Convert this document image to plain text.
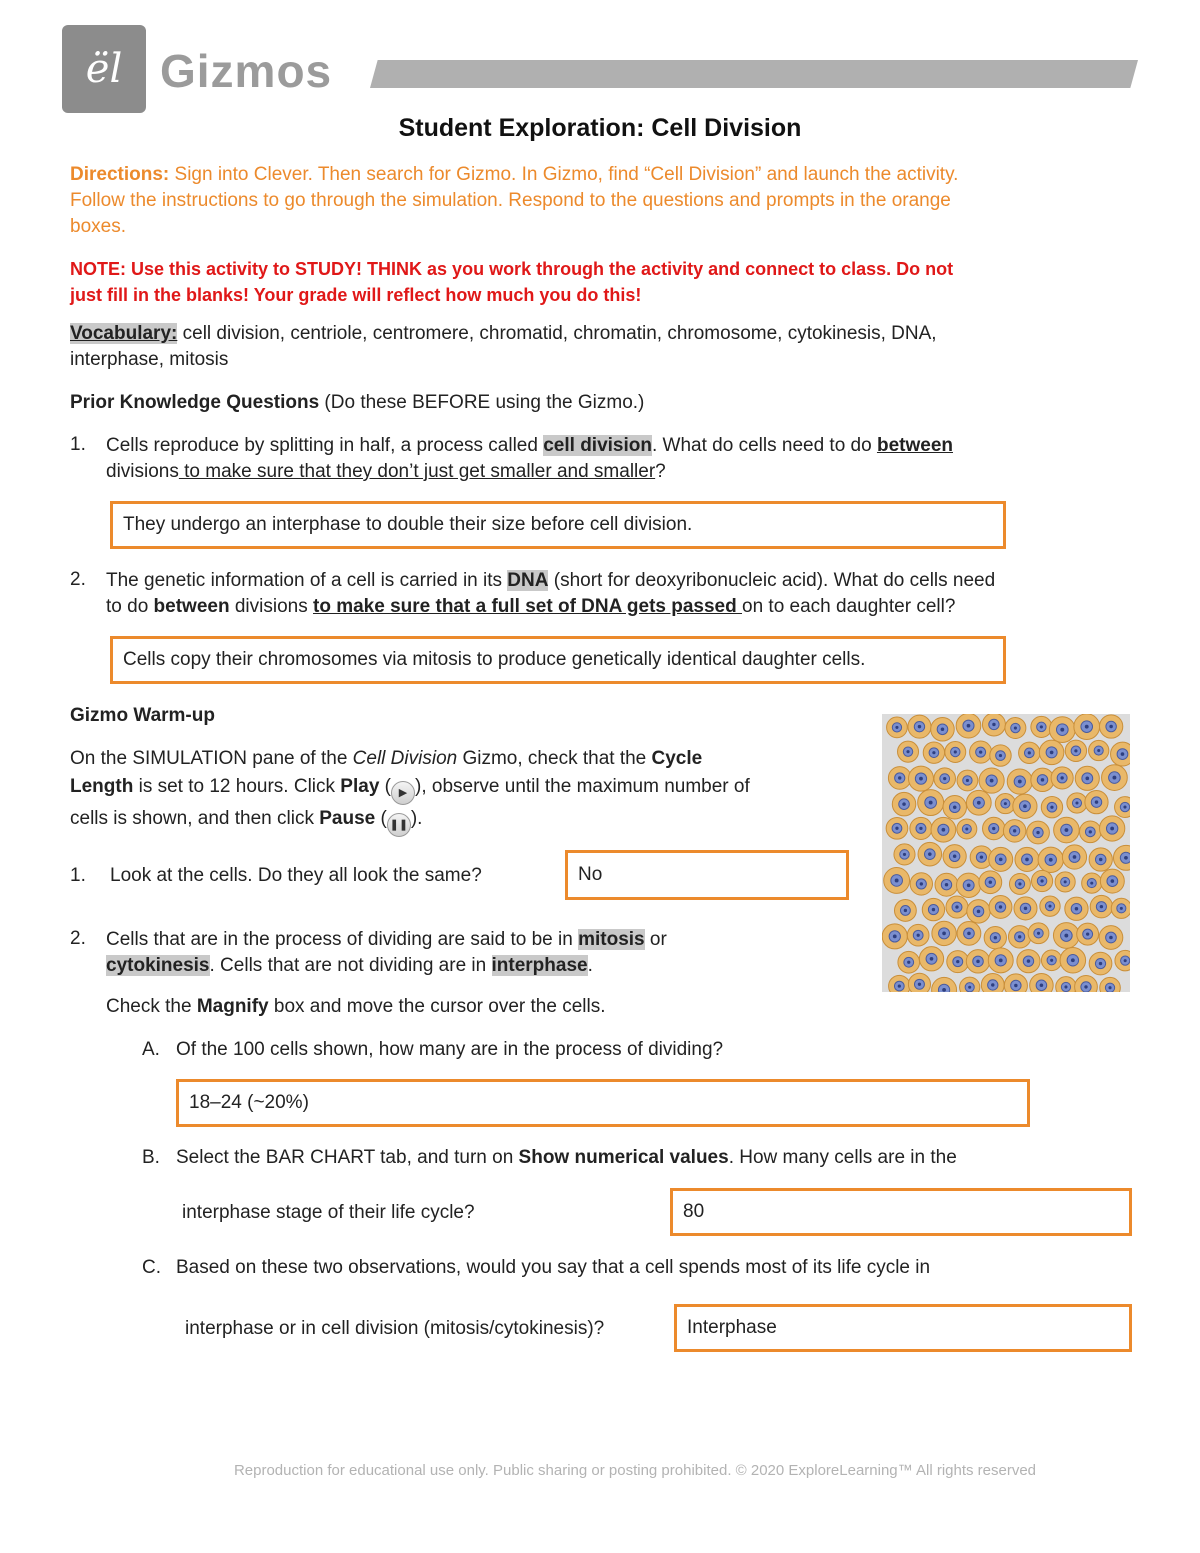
ël Gizmos
Student Exploration: Cell Division
Directions: Sign into Clever. Then search for Gizmo. In Gizmo, find “Cell Division” and launch the activity.
Follow the instructions to go through the simulation. Respond to the questions and prompts in the orange
boxes.
NOTE: Use this activity to STUDY! THINK as you work through the activity and connect to class. Do not
just fill in the blanks! Your grade will reflect how much you do this!
Vocabulary: cell division, centriole, centromere, chromatid, chromatin, chromosome, cytokinesis, DNA,
interphase, mitosis
Prior Knowledge Questions (Do these BEFORE using the Gizmo.)
1. Cells reproduce by splitting in half, a process called cell division. What do cells need to do between
divisions to make sure that they don’t just get smaller and smaller?
They undergo an interphase to double their size before cell division.
2. The genetic information of a cell is carried in its DNA (short for deoxyribonucleic acid). What do cells need
to do between divisions to make sure that a full set of DNA gets passed on to each daughter cell?
Cells copy their chromosomes via mitosis to produce genetically identical daughter cells.
Gizmo Warm-up
On the SIMULATION pane of the Cell Division Gizmo, check that the Cycle
Length is set to 12 hours. Click Play ( ▶ ), observe until the maximum number of
cells is shown, and then click Pause ( ❚❚ ).
1. Look at the cells. Do they all look the same?	No
2. Cells that are in the process of dividing are said to be in mitosis or
cytokinesis. Cells that are not dividing are in interphase.
Check the Magnify box and move the cursor over the cells.
A. Of the 100 cells shown, how many are in the process of dividing?
18–24 (~20%)
B. Select the BAR CHART tab, and turn on Show numerical values. How many cells are in the
interphase stage of their life cycle?	80
C. Based on these two observations, would you say that a cell spends most of its life cycle in
interphase or in cell division (mitosis/cytokinesis)?	Interphase
Reproduction for educational use only. Public sharing or posting prohibited. © 2020 ExploreLearning™ All rights reserved
